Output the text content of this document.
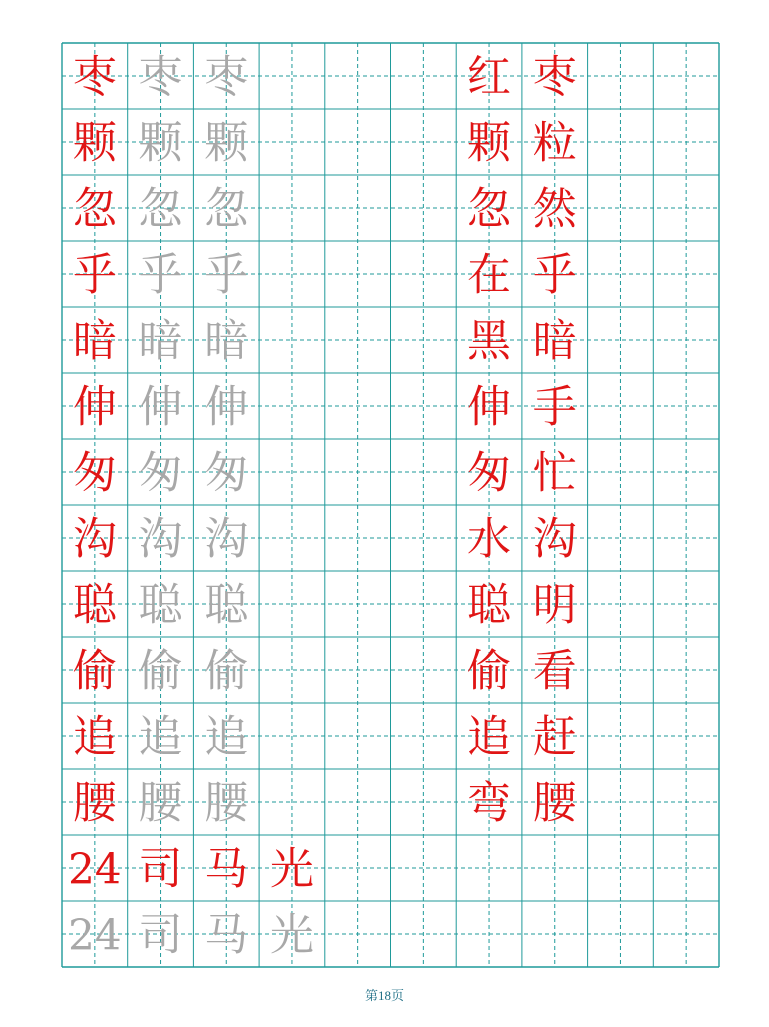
枣 枣 枣	红 枣
颗 颗 颗	颗 粒
忽 忽 忽	忽 然
乎 乎 乎	在 乎
暗 暗 暗	黑 暗
伸 伸 伸	伸 手
匆 匆 匆	匆 忙
沟 沟 沟	水 沟
聪 聪 聪	聪 明
偷 偷 偷	偷 看
追 追 追	追 赶
腰 腰 腰	弯 腰
24 司 马 光
24 司 马 光
第18页
